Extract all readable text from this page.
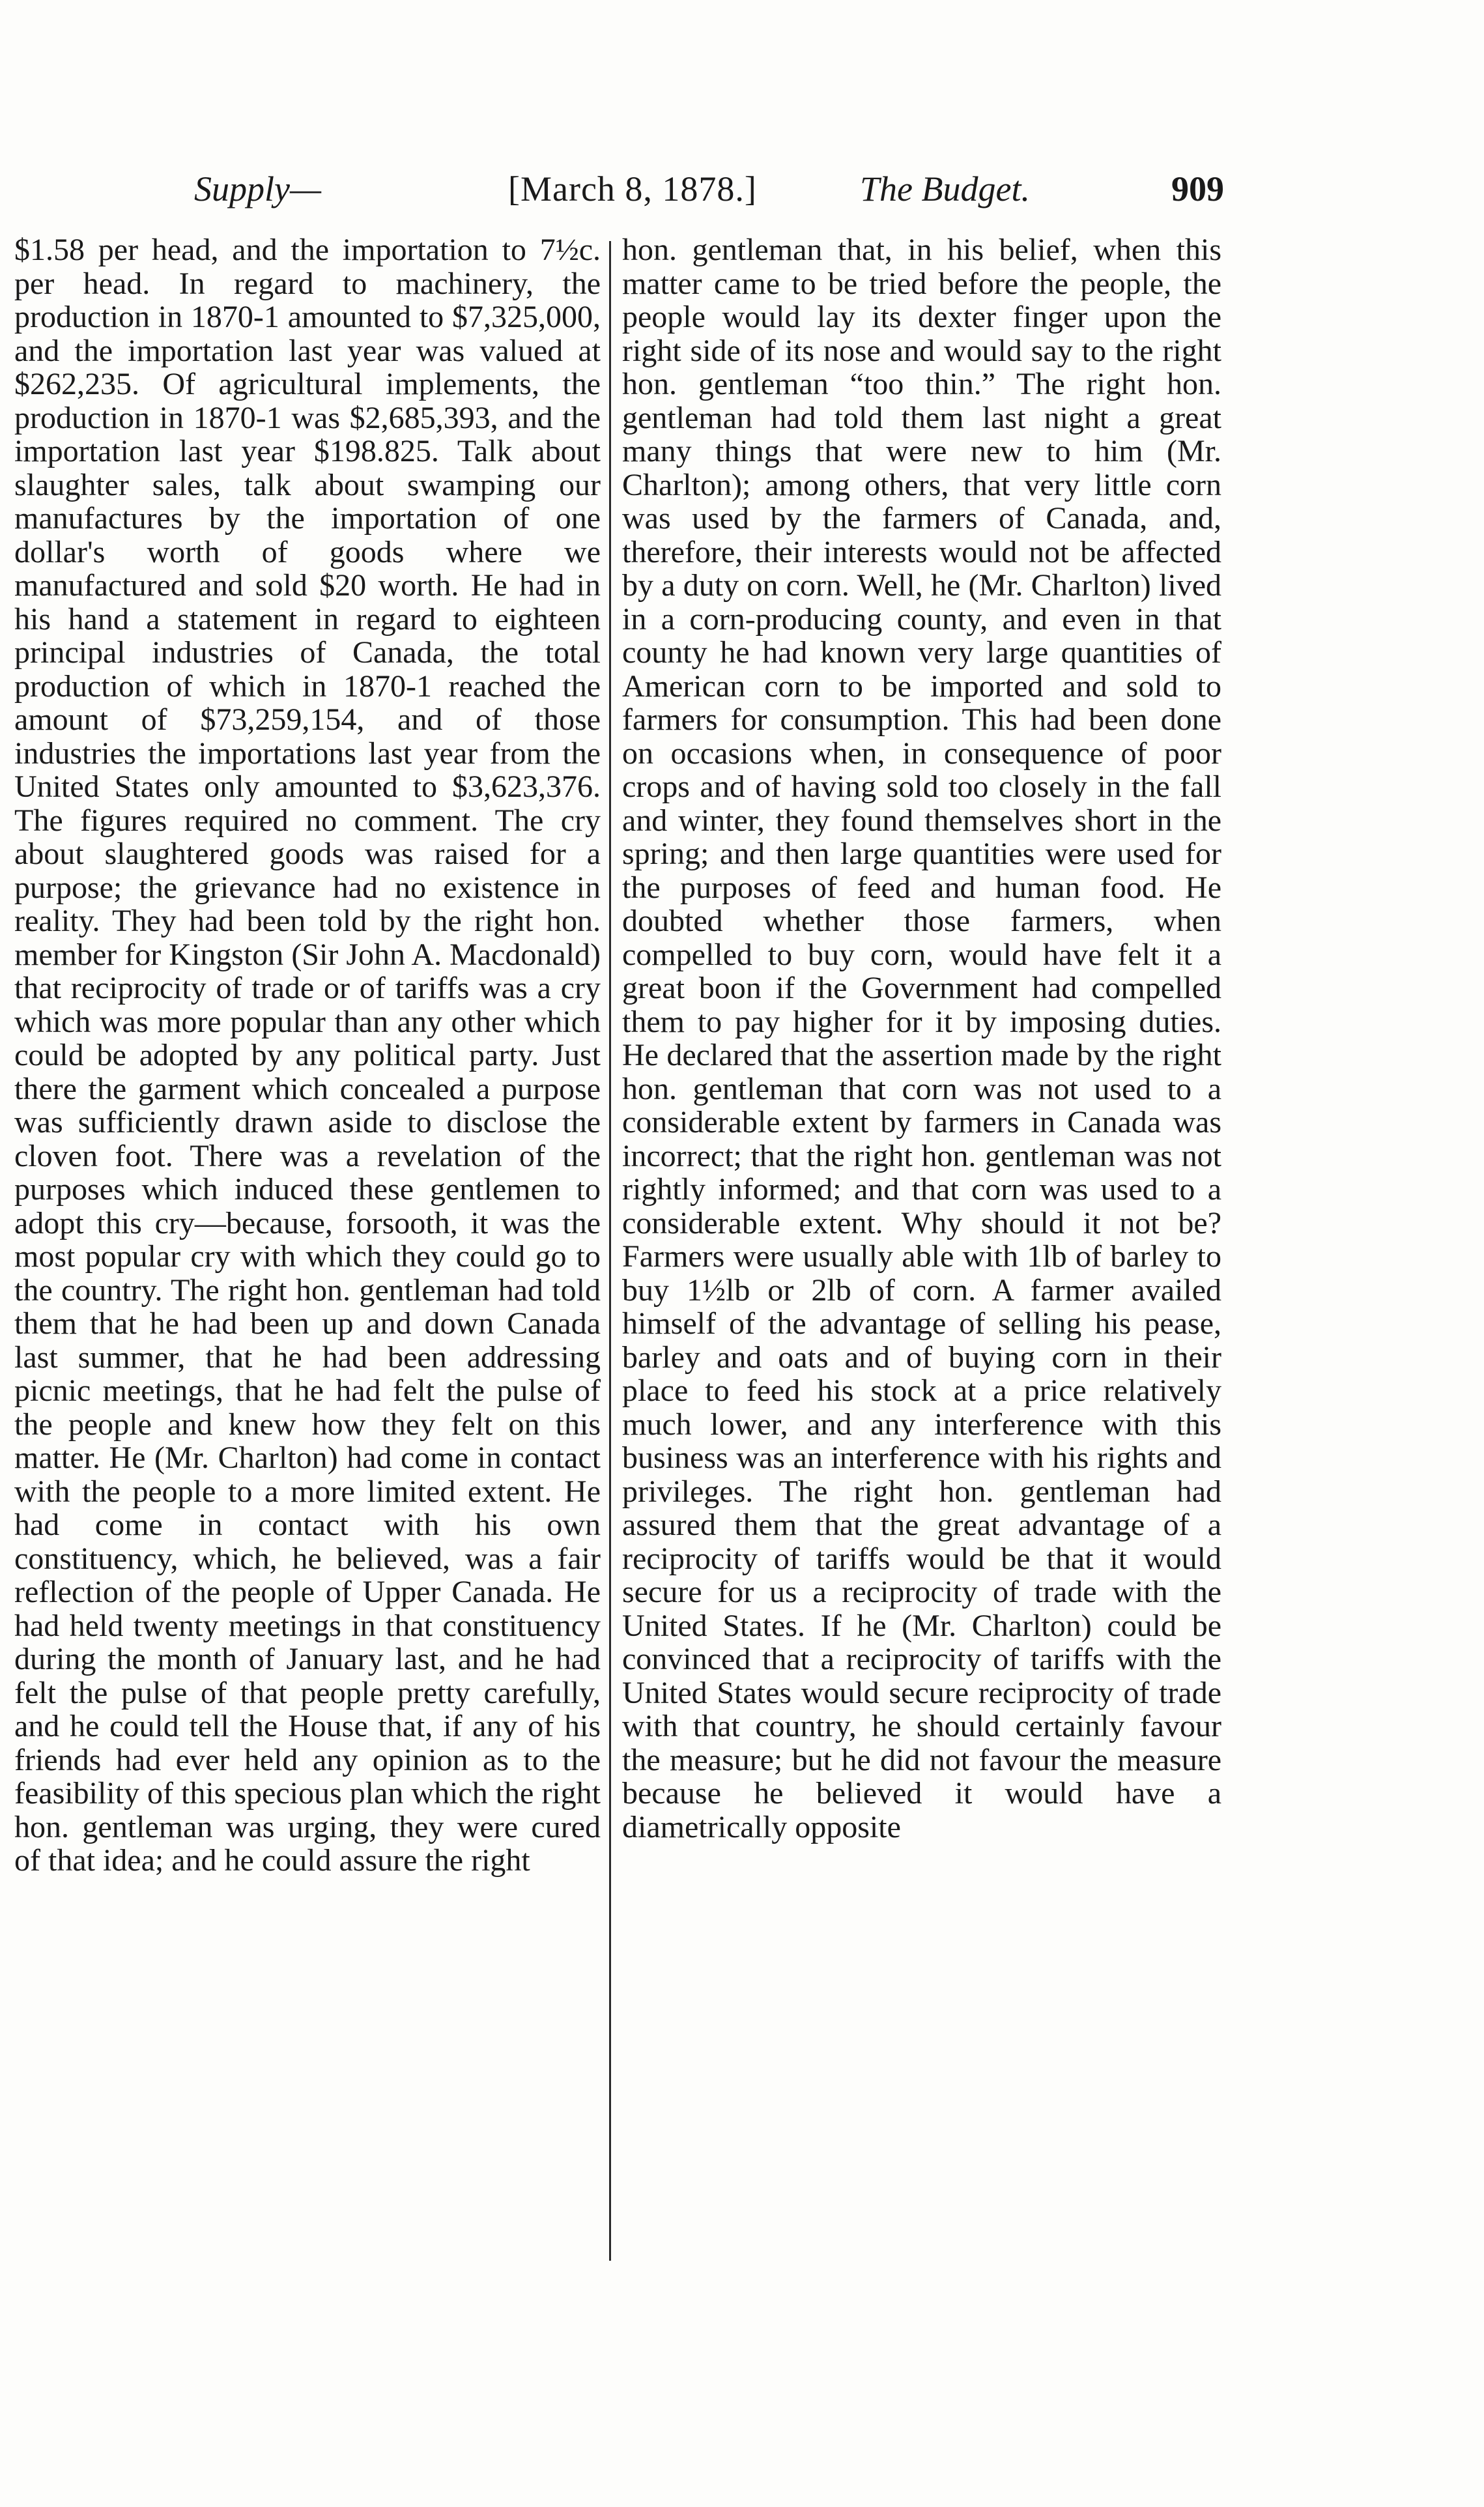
Supply—	[March 8, 1878.]	The Budget.	909

$1.58 per head, and the importation to 7½c. per head. In regard to machinery, the production in 1870-1 amounted to $7,325,000, and the importation last year was valued at $262,235. Of agricultural implements, the production in 1870-1 was $2,685,393, and the importation last year $198.825. Talk about slaughter sales, talk about swamping our manufactures by the importation of one dollar's worth of goods where we manufactured and sold $20 worth. He had in his hand a statement in regard to eighteen principal industries of Canada, the total production of which in 1870-1 reached the amount of $73,259,154, and of those industries the importations last year from the United States only amounted to $3,623,376. The figures required no comment. The cry about slaughtered goods was raised for a purpose; the grievance had no existence in reality. They had been told by the right hon. member for Kingston (Sir John A. Macdonald) that reciprocity of trade or of tariffs was a cry which was more popular than any other which could be adopted by any political party. Just there the garment which concealed a purpose was sufficiently drawn aside to disclose the cloven foot. There was a revelation of the purposes which induced these gentlemen to adopt this cry—because, forsooth, it was the most popular cry with which they could go to the country. The right hon. gentleman had told them that he had been up and down Canada last summer, that he had been addressing picnic meetings, that he had felt the pulse of the people and knew how they felt on this matter. He (Mr. Charlton) had come in contact with the people to a more limited extent. He had come in contact with his own constituency, which, he believed, was a fair reflection of the people of Upper Canada. He had held twenty meetings in that constituency during the month of January last, and he had felt the pulse of that people pretty carefully, and he could tell the House that, if any of his friends had ever held any opinion as to the feasibility of this specious plan which the right hon. gentleman was urging, they were cured of that idea; and he could assure the right

hon. gentleman that, in his belief, when this matter came to be tried before the people, the people would lay its dexter finger upon the right side of its nose and would say to the right hon. gentleman “too thin.” The right hon. gentleman had told them last night a great many things that were new to him (Mr. Charlton); among others, that very little corn was used by the farmers of Canada, and, therefore, their interests would not be affected by a duty on corn. Well, he (Mr. Charlton) lived in a corn-producing county, and even in that county he had known very large quantities of American corn to be imported and sold to farmers for consumption. This had been done on occasions when, in consequence of poor crops and of having sold too closely in the fall and winter, they found themselves short in the spring; and then large quantities were used for the purposes of feed and human food. He doubted whether those farmers, when compelled to buy corn, would have felt it a great boon if the Government had compelled them to pay higher for it by imposing duties. He declared that the assertion made by the right hon. gentleman that corn was not used to a considerable extent by farmers in Canada was incorrect; that the right hon. gentleman was not rightly informed; and that corn was used to a considerable extent. Why should it not be? Farmers were usually able with 1lb of barley to buy 1½lb or 2lb of corn. A farmer availed himself of the advantage of selling his pease, barley and oats and of buying corn in their place to feed his stock at a price relatively much lower, and any interference with this business was an interference with his rights and privileges. The right hon. gentleman had assured them that the great advantage of a reciprocity of tariffs would be that it would secure for us a reciprocity of trade with the United States. If he (Mr. Charlton) could be convinced that a reciprocity of tariffs with the United States would secure reciprocity of trade with that country, he should certainly favour the measure; but he did not favour the measure because he believed it would have a diametrically opposite
